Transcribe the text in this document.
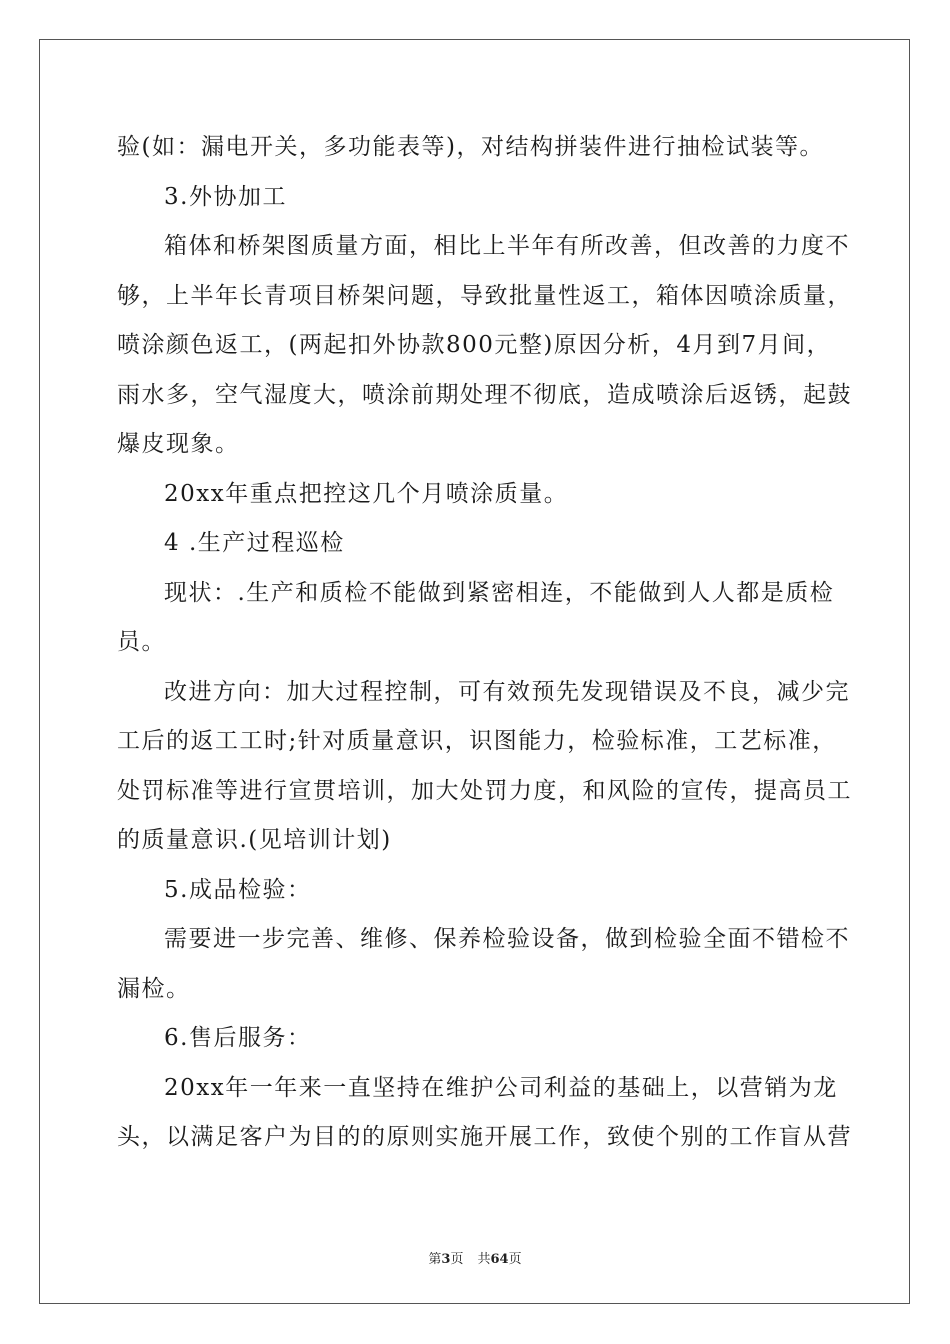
验(如：漏电开关，多功能表等)，对结构拼装件进行抽检试装等。
3.外协加工
箱体和桥架图质量方面，相比上半年有所改善，但改善的力度不
够，上半年长青项目桥架问题，导致批量性返工，箱体因喷涂质量，
喷涂颜色返工，(两起扣外协款800元整)原因分析，4月到7月间，
雨水多，空气湿度大，喷涂前期处理不彻底，造成喷涂后返锈，起鼓
爆皮现象。
20xx年重点把控这几个月喷涂质量。
4 .生产过程巡检
现状：.生产和质检不能做到紧密相连，不能做到人人都是质检
员。
改进方向：加大过程控制，可有效预先发现错误及不良，减少完
工后的返工工时;针对质量意识，识图能力，检验标准，工艺标准，
处罚标准等进行宣贯培训，加大处罚力度，和风险的宣传，提高员工
的质量意识.(见培训计划)
5.成品检验：
需要进一步完善、维修、保养检验设备，做到检验全面不错检不
漏检。
6.售后服务：
20xx年一年来一直坚持在维护公司利益的基础上，以营销为龙
头，以满足客户为目的的原则实施开展工作，致使个别的工作盲从营
第3页 共64页
